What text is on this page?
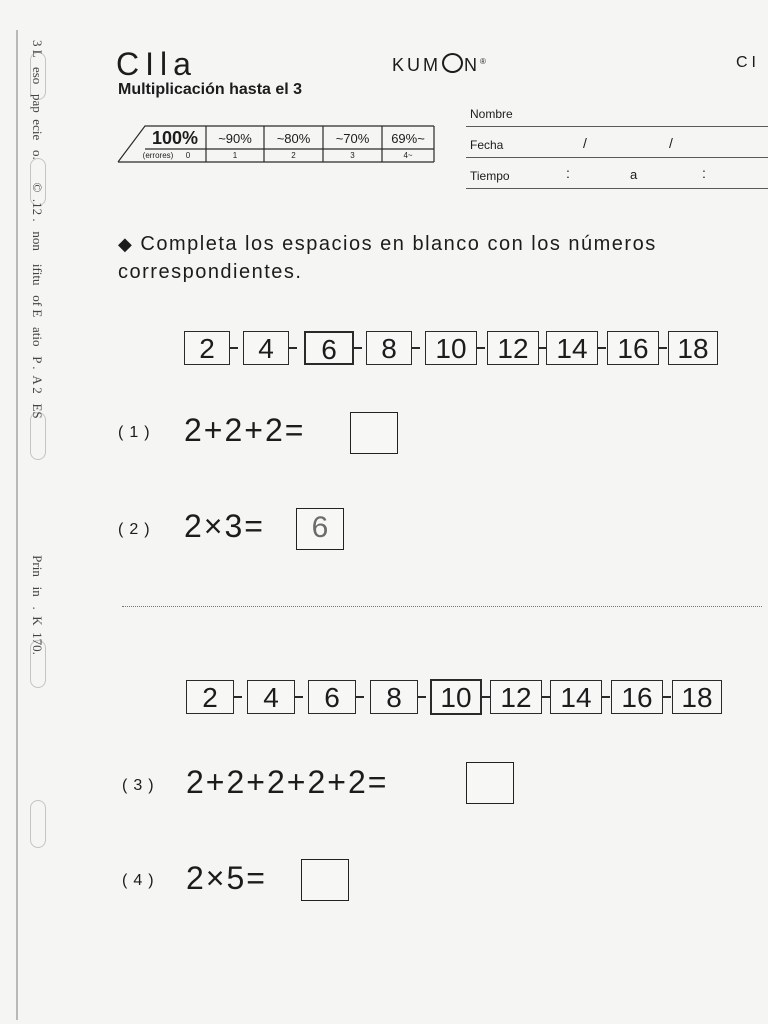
3 L   eso   pap  ecie   o.       ©  .12 .   non    ifitu   of E   atio   P .  A 2   ES                                          Prin   in   .  K  170. CIla
Multiplicación hasta el 3
KUM N®	CI
100%	~90%	~80%	~70%	69%~
(errores)	0	1	2	3	4~
Nombre
Fecha	/	/
Tiempo	:	a	:
◆ Completa los espacios en blanco con los números correspondientes.
2	4	6	8	10	12 14	16	18
(1) 2+2+2=
(2) 2×3=	6
2	4	6	8	10	12	14	16	18
(3) 2+2+2+2+2=
(4) 2×5=
